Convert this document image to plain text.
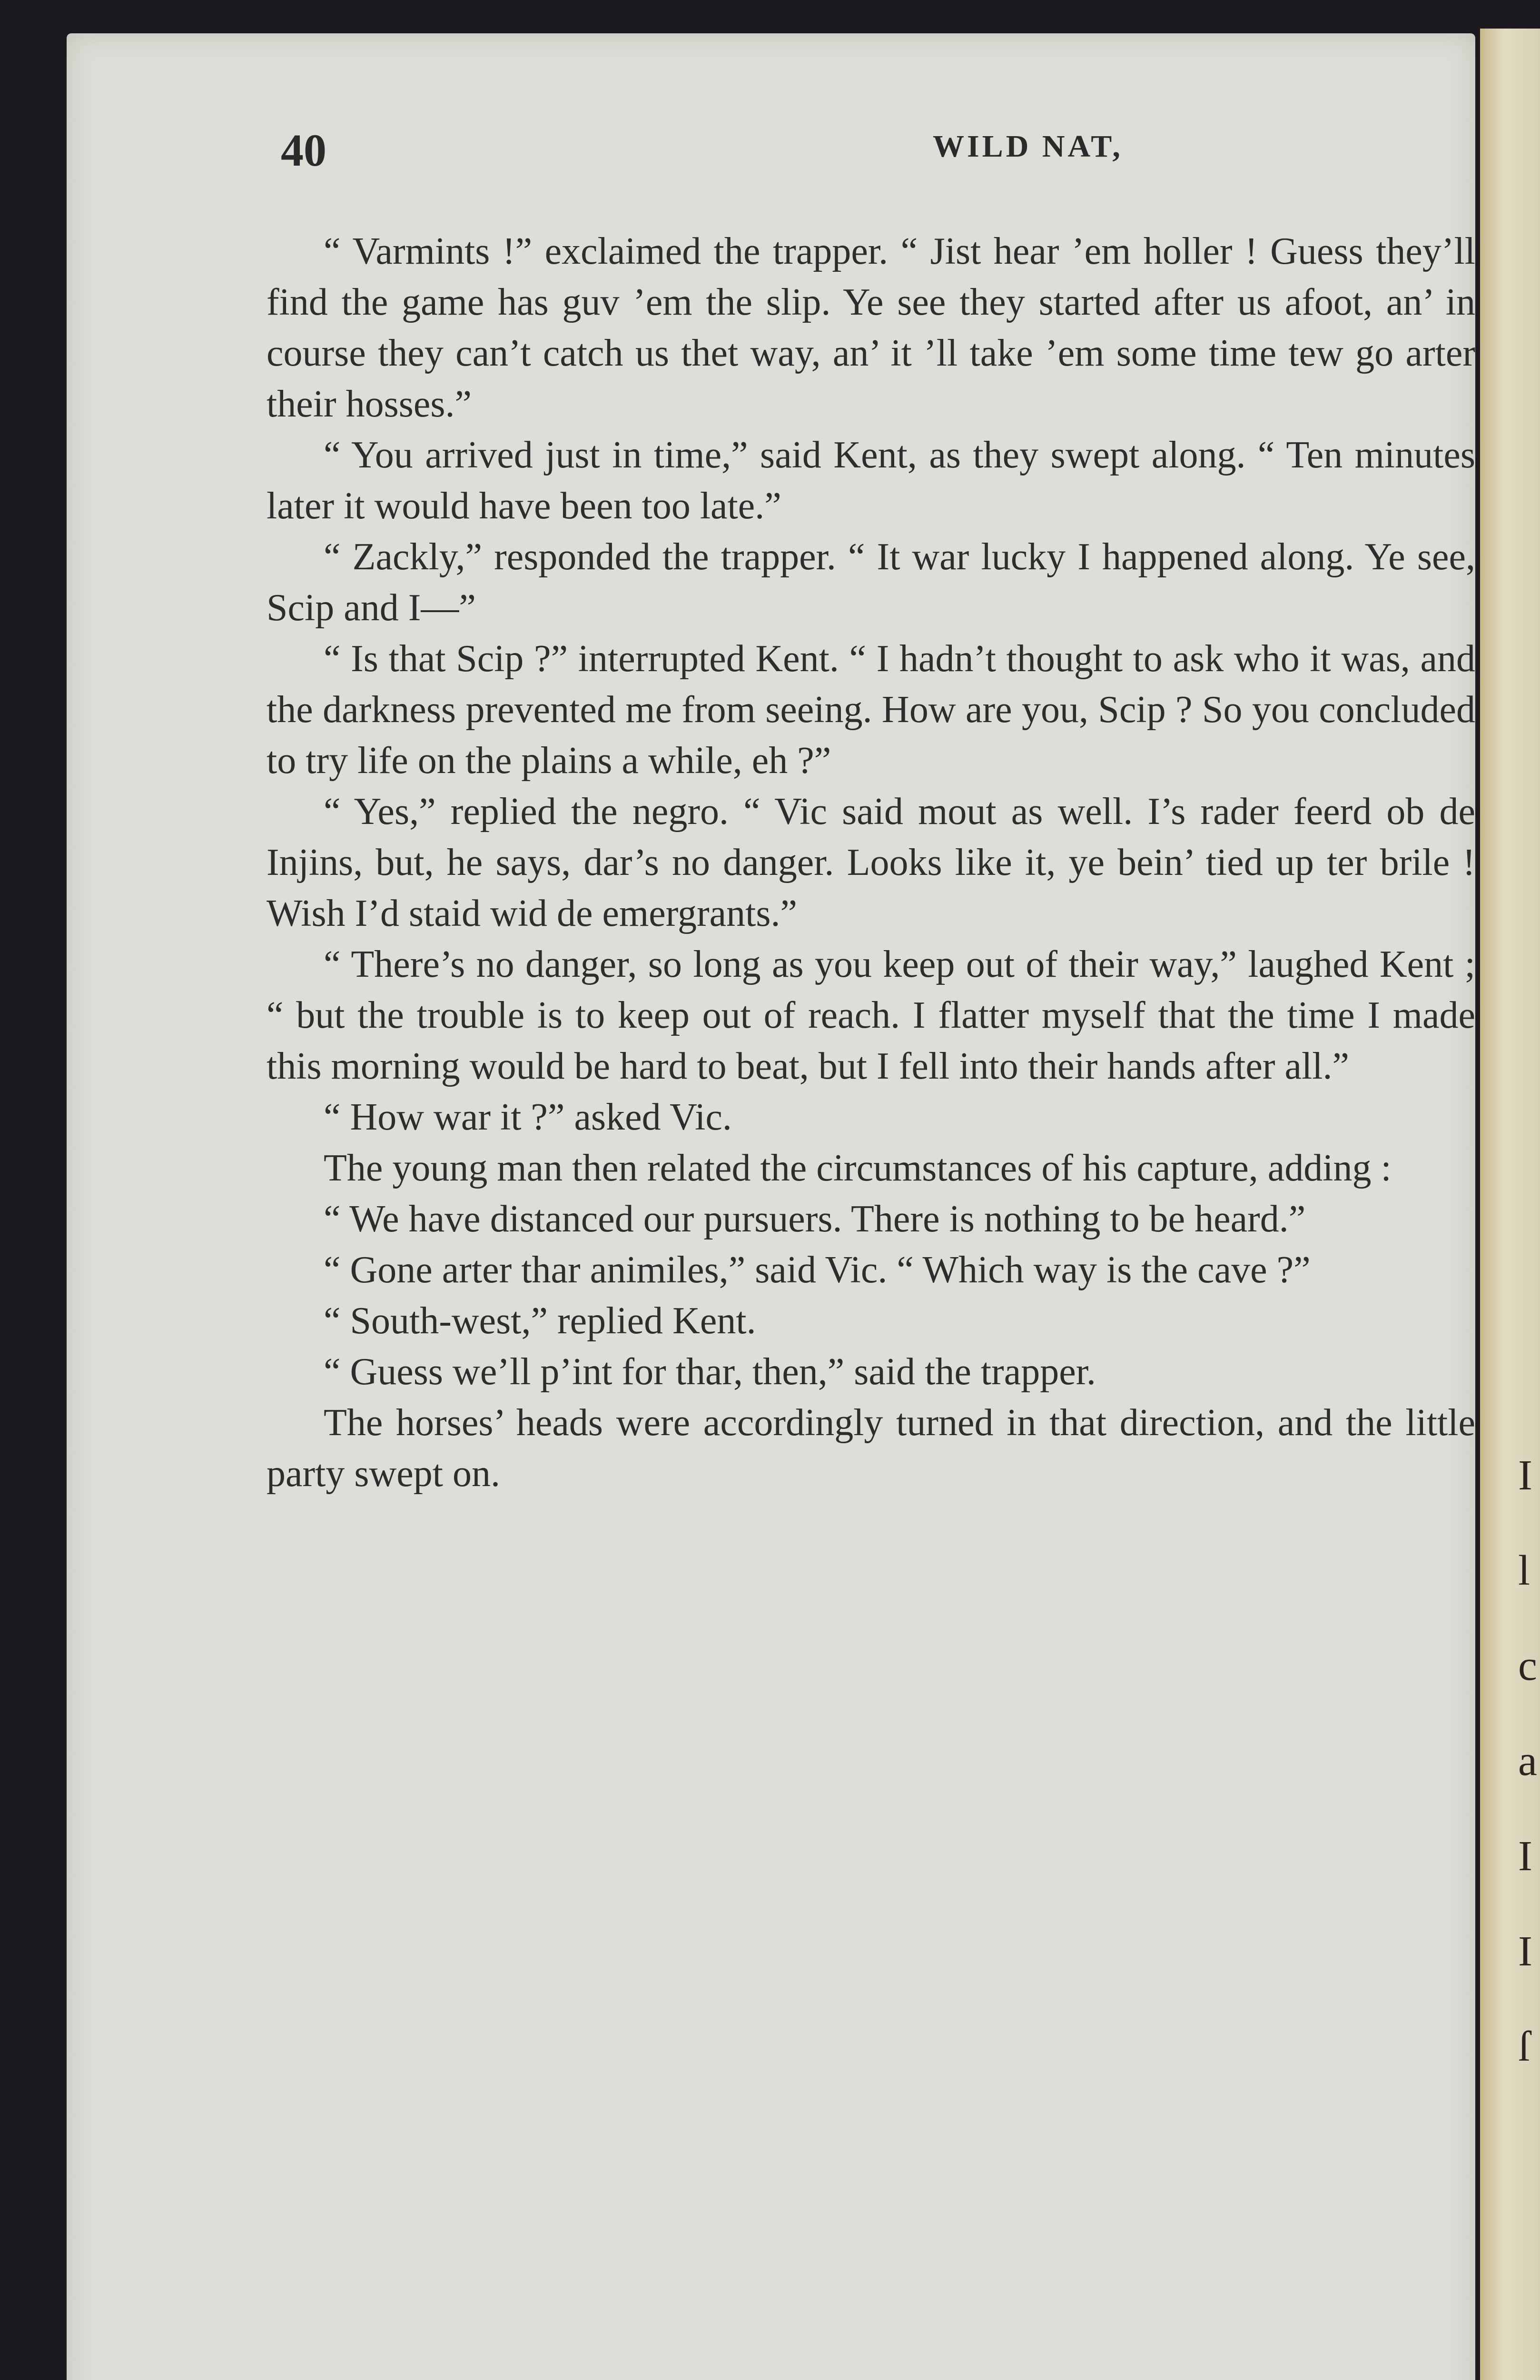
I
l
c
a
I
I
ſ
40	WILD NAT,

“ Varmints !” exclaimed the trapper. “ Jist hear ’em holler ! Guess they’ll find the game has guv ’em the slip. Ye see they started after us afoot, an’ in course they can’t catch us thet way, an’ it ’ll take ’em some time tew go arter their hosses.”

“ You arrived just in time,” said Kent, as they swept along. “ Ten minutes later it would have been too late.”

“ Zackly,” responded the trapper. “ It war lucky I happened along. Ye see, Scip and I—”

“ Is that Scip ?” interrupted Kent. “ I hadn’t thought to ask who it was, and the darkness prevented me from seeing. How are you, Scip ? So you concluded to try life on the plains a while, eh ?”

“ Yes,” replied the negro. “ Vic said mout as well. I’s rader feerd ob de Injins, but, he says, dar’s no danger. Looks like it, ye bein’ tied up ter brile ! Wish I’d staid wid de emergrants.”

“ There’s no danger, so long as you keep out of their way,” laughed Kent ; “ but the trouble is to keep out of reach. I flatter myself that the time I made this morning would be hard to beat, but I fell into their hands after all.”

“ How war it ?” asked Vic.

The young man then related the circumstances of his capture, adding :

“ We have distanced our pursuers. There is nothing to be heard.”

“ Gone arter thar animiles,” said Vic. “ Which way is the cave ?”

“ South-west,” replied Kent.

“ Guess we’ll p’int for thar, then,” said the trapper.

The horses’ heads were accordingly turned in that direction, and the little party swept on.
